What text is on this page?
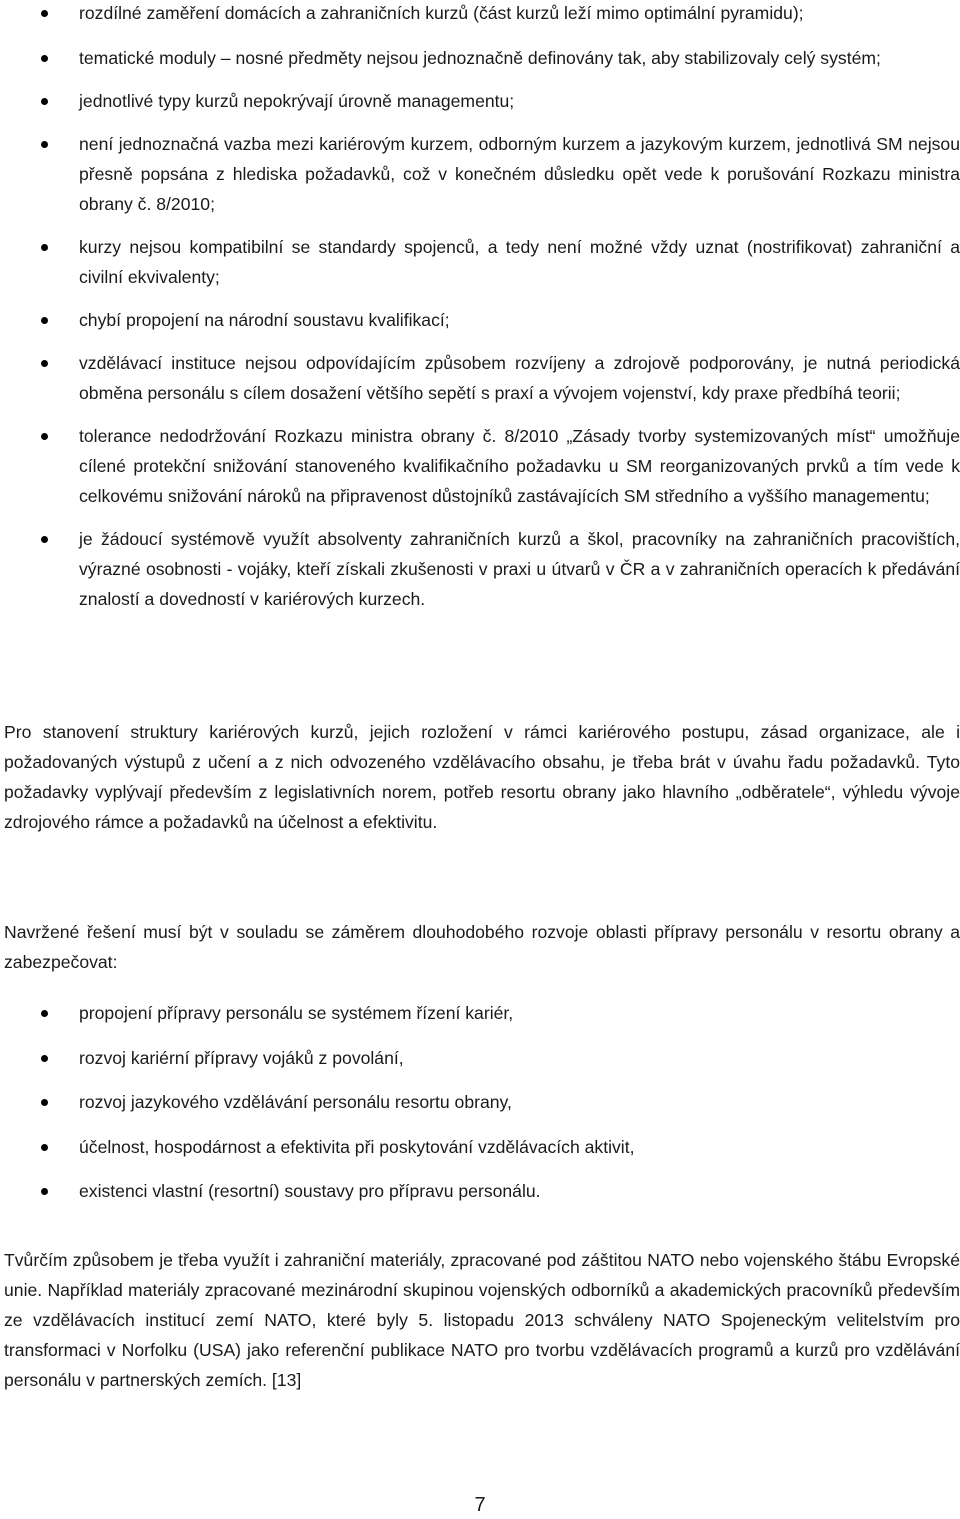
rozdílné zaměření domácích a zahraničních kurzů (část kurzů leží mimo optimální pyramidu);
tematické moduly – nosné předměty nejsou jednoznačně definovány tak, aby stabilizovaly celý systém;
jednotlivé typy kurzů nepokrývají úrovně managementu;
není jednoznačná vazba mezi kariérovým kurzem, odborným kurzem a jazykovým kurzem, jednotlivá SM nejsou přesně popsána z hlediska požadavků, což v konečném důsledku opět vede k porušování Rozkazu ministra obrany č. 8/2010;
kurzy nejsou kompatibilní se standardy spojenců, a tedy není možné vždy uznat (nostrifikovat) zahraniční a civilní ekvivalenty;
chybí propojení na národní soustavu kvalifikací;
vzdělávací instituce nejsou odpovídajícím způsobem rozvíjeny a zdrojově podporovány, je nutná periodická obměna personálu s cílem dosažení většího sepětí s praxí a vývojem vojenství, kdy praxe předbíhá teorii;
tolerance nedodržování Rozkazu ministra obrany č. 8/2010 „Zásady tvorby systemizovaných míst“ umožňuje cílené protekční snižování stanoveného kvalifikačního požadavku u SM reorganizovaných prvků a tím vede k celkovému snižování nároků na připravenost důstojníků zastávajících SM středního a vyššího managementu;
je žádoucí systémově využít absolventy zahraničních kurzů a škol, pracovníky na zahraničních pracovištích, výrazné osobnosti - vojáky, kteří získali zkušenosti v praxi u útvarů v ČR a v zahraničních operacích k předávání znalostí a dovedností v kariérových kurzech.

Pro stanovení struktury kariérových kurzů, jejich rozložení v rámci kariérového postupu, zásad organizace, ale i požadovaných výstupů z učení a z nich odvozeného vzdělávacího obsahu, je třeba brát v úvahu řadu požadavků. Tyto požadavky vyplývají především z legislativních norem, potřeb resortu obrany jako hlavního „odběratele“, výhledu vývoje zdrojového rámce a požadavků na účelnost a efektivitu.

Navržené řešení musí být v souladu se záměrem dlouhodobého rozvoje oblasti přípravy personálu v resortu obrany a zabezpečovat:

propojení přípravy personálu se systémem řízení kariér,
rozvoj kariérní přípravy vojáků z povolání,
rozvoj jazykového vzdělávání personálu resortu obrany,
účelnost, hospodárnost a efektivita při poskytování vzdělávacích aktivit,
existenci vlastní (resortní) soustavy pro přípravu personálu.

Tvůrčím způsobem je třeba využít i zahraniční materiály, zpracované pod záštitou NATO nebo vojenského štábu Evropské unie. Například materiály zpracované mezinárodní skupinou vojenských odborníků a akademických pracovníků především ze vzdělávacích institucí zemí NATO, které byly 5. listopadu 2013 schváleny NATO Spojeneckým velitelstvím pro transformaci v Norfolku (USA) jako referenční publikace NATO pro tvorbu vzdělávacích programů a kurzů pro vzdělávání personálu v partnerských zemích. [13]

7
